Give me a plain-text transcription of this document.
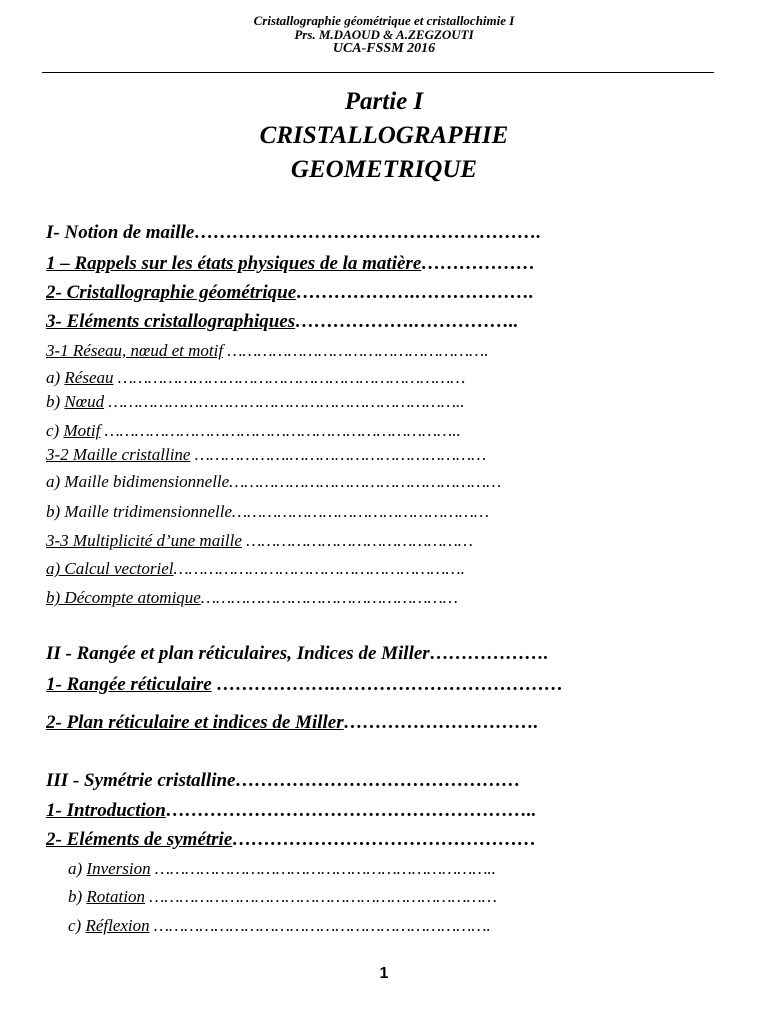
Cristallographie géométrique et cristallochimie I
Prs. M.DAOUD & A.ZEGZOUTI
UCA-FSSM 2016
Partie I
CRISTALLOGRAPHIE
GEOMETRIQUE
I- Notion de maille……………………………………………….
1 – Rappels sur les états physiques de la matière………………
2- Cristallographie géométrique……………….……………….
3- Eléments cristallographiques……………….……………..
3-1 Réseau, nœud et motif …………………………………………….
a) Réseau ……………………………………………………………
b) Nœud ……………………………………………………………..
c) Motif ……………………………………………………………..
3-2 Maille cristalline ……………….…………………………………
a) Maille bidimensionnelle………………………………………………
b) Maille tridimensionnelle……………………………………………
3-3 Multiplicité d’une maille ………………………………………
a) Calcul vectoriel………………………………………………….
b) Décompte atomique……………………………………………
II - Rangée et plan réticulaires, Indices de Miller……………….
1- Rangée réticulaire ……………….………………………………
2- Plan réticulaire et indices de Miller………………………….
III - Symétrie cristalline………………………………………
1- Introduction…………………………………………………..
2- Eléments de symétrie…………………………………………
a) Inversion …………………………………………………………..
b) Rotation ……………………………………………………………
c) Réflexion ………………………………………………………….
1
